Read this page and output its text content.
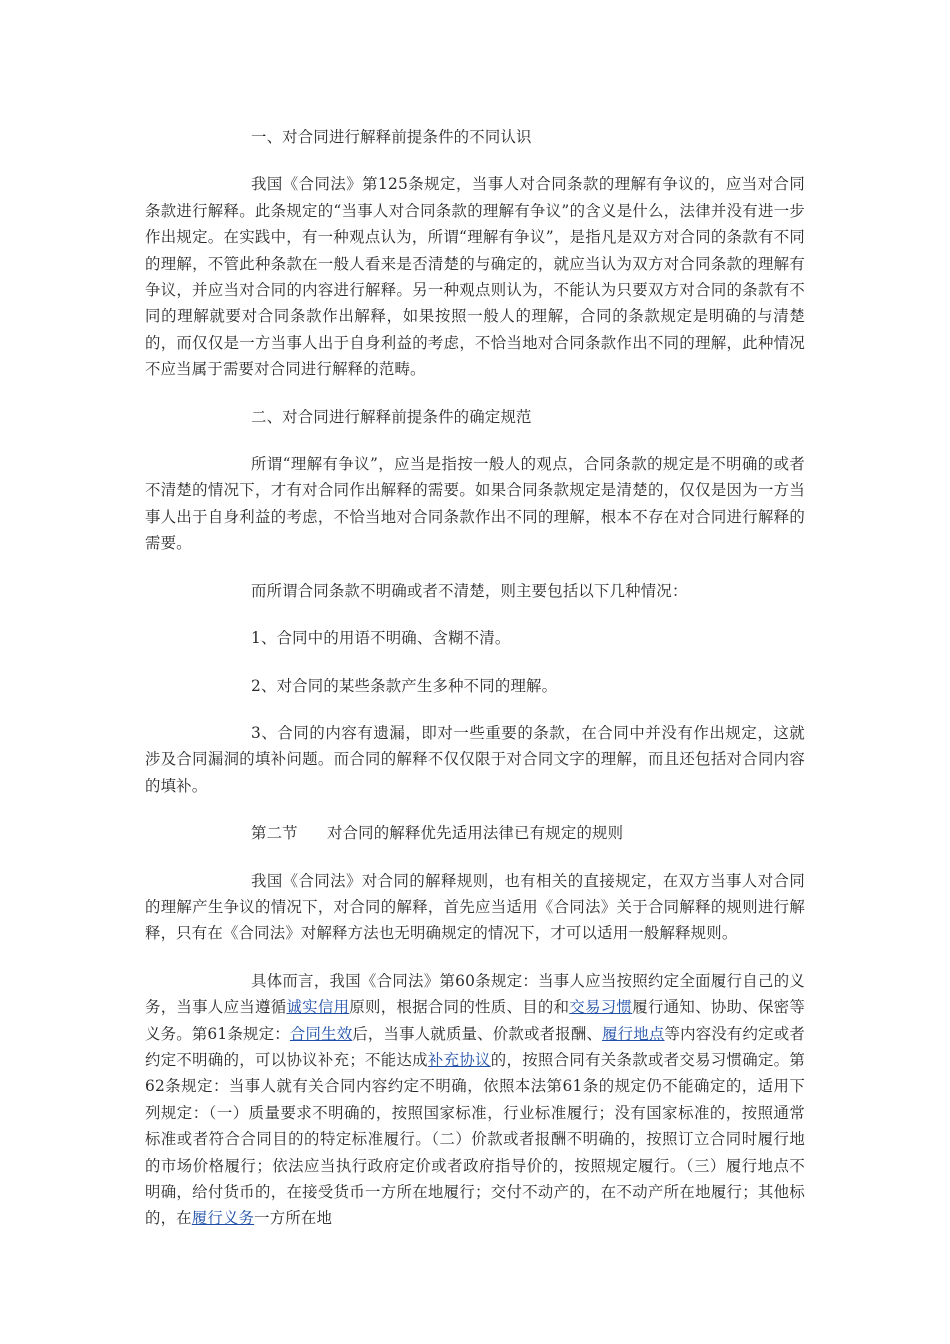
一、对合同进行解释前提条件的不同认识
我国《合同法》第125条规定，当事人对合同条款的理解有争议的，应当对合同条款进行解释。此条规定的“当事人对合同条款的理解有争议”的含义是什么，法律并没有进一步作出规定。在实践中，有一种观点认为，所谓“理解有争议”，是指凡是双方对合同的条款有不同的理解，不管此种条款在一般人看来是否清楚的与确定的，就应当认为双方对合同条款的理解有争议，并应当对合同的内容进行解释。另一种观点则认为，不能认为只要双方对合同的条款有不同的理解就要对合同条款作出解释，如果按照一般人的理解，合同的条款规定是明确的与清楚的，而仅仅是一方当事人出于自身利益的考虑，不恰当地对合同条款作出不同的理解，此种情况不应当属于需要对合同进行解释的范畴。
二、对合同进行解释前提条件的确定规范
所谓“理解有争议”，应当是指按一般人的观点，合同条款的规定是不明确的或者不清楚的情况下，才有对合同作出解释的需要。如果合同条款规定是清楚的，仅仅是因为一方当事人出于自身利益的考虑，不恰当地对合同条款作出不同的理解，根本不存在对合同进行解释的需要。
而所谓合同条款不明确或者不清楚，则主要包括以下几种情况：
1、合同中的用语不明确、含糊不清。
2、对合同的某些条款产生多种不同的理解。
3、合同的内容有遗漏，即对一些重要的条款，在合同中并没有作出规定，这就涉及合同漏洞的填补问题。而合同的解释不仅仅限于对合同文字的理解，而且还包括对合同内容的填补。
第二节 对合同的解释优先适用法律已有规定的规则
我国《合同法》对合同的解释规则，也有相关的直接规定，在双方当事人对合同的理解产生争议的情况下，对合同的解释，首先应当适用《合同法》关于合同解释的规则进行解释，只有在《合同法》对解释方法也无明确规定的情况下，才可以适用一般解释规则。
具体而言，我国《合同法》第60条规定：当事人应当按照约定全面履行自己的义务，当事人应当遵循诚实信用原则，根据合同的性质、目的和交易习惯履行通知、协助、保密等义务。第61条规定：合同生效后，当事人就质量、价款或者报酬、履行地点等内容没有约定或者约定不明确的，可以协议补充；不能达成补充协议的，按照合同有关条款或者交易习惯确定。第62条规定：当事人就有关合同内容约定不明确，依照本法第61条的规定仍不能确定的，适用下列规定：（一）质量要求不明确的，按照国家标准，行业标准履行；没有国家标准的，按照通常标准或者符合合同目的的特定标准履行。（二）价款或者报酬不明确的，按照订立合同时履行地的市场价格履行；依法应当执行政府定价或者政府指导价的，按照规定履行。（三）履行地点不明确，给付货币的，在接受货币一方所在地履行；交付不动产的，在不动产所在地履行；其他标的，在履行义务一方所在地
